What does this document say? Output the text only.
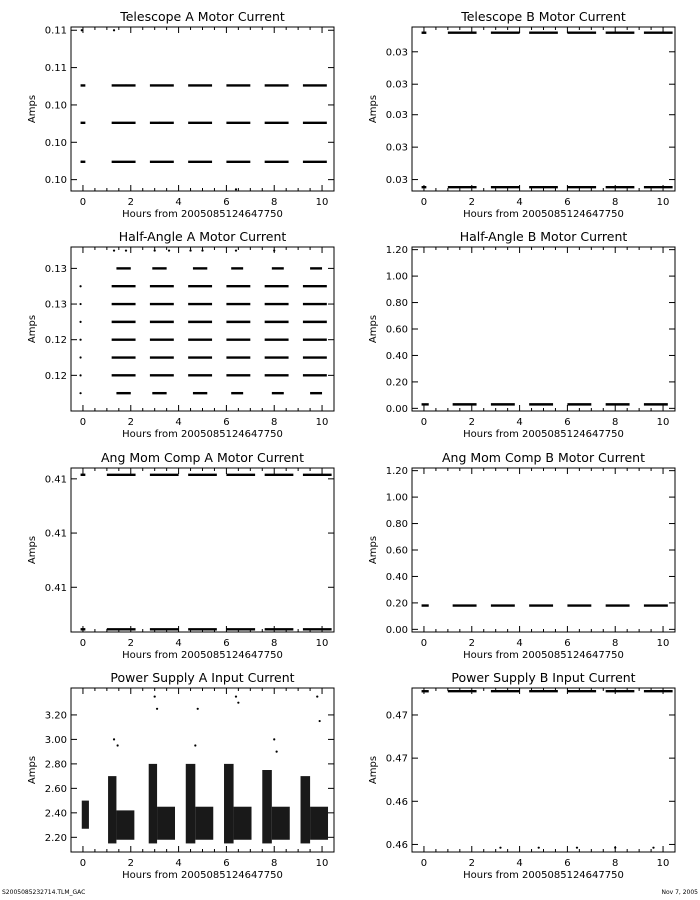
Telescope A Motor Current
0	2	4	6	8	10
0.10
0.10
0.10
0.11
0.11
Hours from 2005085124647750
Amps
Telescope B Motor Current
0	2	4	6	8	10
0.03
0.03
0.03
0.03
0.03
Hours from 2005085124647750
Amps
Half-Angle A Motor Current
0	2	4	6	8	10
0.12
0.12
0.13
0.13
Hours from 2005085124647750
Amps
Half-Angle B Motor Current
0	2	4	6	8	10
0.00
0.20
0.40
0.60
0.80
1.00
1.20
Hours from 2005085124647750
Amps
Ang Mom Comp A Motor Current
0	2	4	6	8	10
0.41
0.41
0.41
Hours from 2005085124647750
Amps
Ang Mom Comp B Motor Current
0	2	4	6	8	10
0.00
0.20
0.40
0.60
0.80
1.00
1.20
Hours from 2005085124647750
Amps
Power Supply A Input Current
0	2	4	6	8	10
2.20
2.40
2.60
2.80
3.00
3.20
Hours from 2005085124647750
Amps
Power Supply B Input Current
0	2	4	6	8	10
0.46
0.46
0.47
0.47
Hours from 2005085124647750
Amps
S2005085232714.TLM_GAC	Nov 7, 2005
